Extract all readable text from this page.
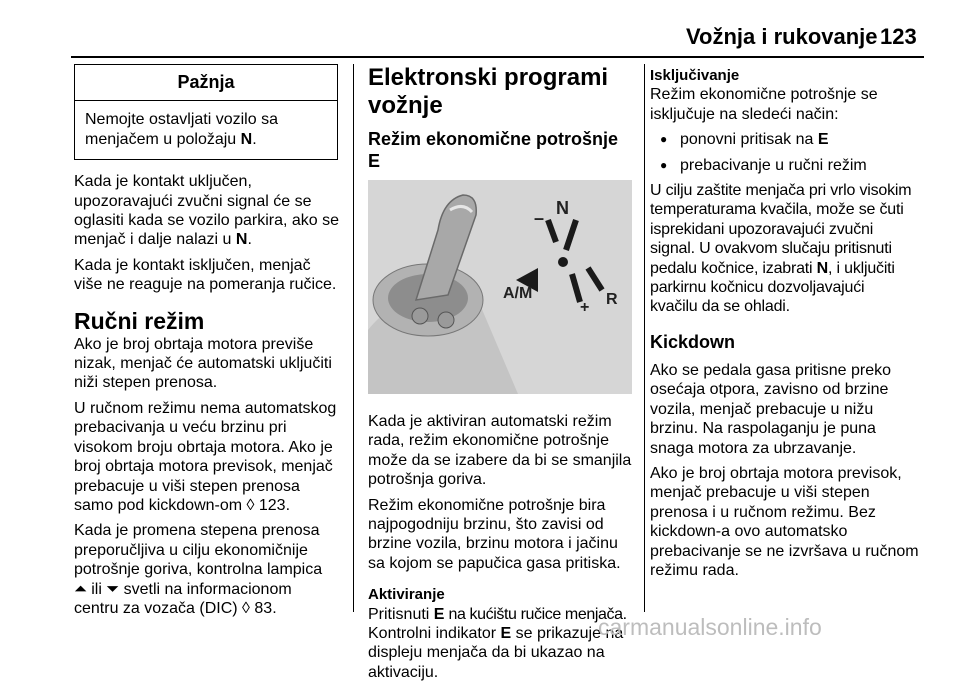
Vožnja i rukovanje 123
Pažnja
Nemojte ostavljati vozilo sa
menjačem u položaju N.

Kada je kontakt uključen,
upozoravajući zvučni signal će se
oglasiti kada se vozilo parkira, ako se
menjač i dalje nalazi u N.

Kada je kontakt isključen, menjač
više ne reaguje na pomeranja ručice.

Ručni režim

Ako je broj obrtaja motora previše
nizak, menjač će automatski uključiti
niži stepen prenosa.

U ručnom režimu nema automatskog
prebacivanja u veću brzinu pri
visokom broju obrtaja motora. Ako je
broj obrtaja motora previsok, menjač
prebacuje u viši stepen prenosa
samo pod kickdown-om ◊ 123.

Kada je promena stepena prenosa
preporučljiva u cilju ekonomičnije
potrošnje goriva, kontrolna lampica
⏶ ili ⏷ svetli na informacionom
centru za vozača (DIC) ◊ 83.

Elektronski programi vožnje
Režim ekonomične potrošnje E
N
–
A/M
+ R

Kada je aktiviran automatski režim
rada, režim ekonomične potrošnje
može da se izabere da bi se smanjila
potrošnja goriva.

Režim ekonomične potrošnje bira
najpogodniju brzinu, što zavisi od
brzine vozila, brzinu motora i jačinu
sa kojom se papučica gasa pritiska.

Aktiviranje

Pritisnuti E na kućištu ručice menjača.
Kontrolni indikator E se prikazuje na
displeju menjača da bi ukazao na
aktivaciju.

Isključivanje

Režim ekonomične potrošnje se
isključuje na sledeći način:

● ponovni pritisak na E
● prebacivanje u ručni režim

U cilju zaštite menjača pri vrlo visokim
temperaturama kvačila, može se čuti
isprekidani upozoravajući zvučni
signal. U ovakvom slučaju pritisnuti
pedalu kočnice, izabrati N, i uključiti
parkirnu kočnicu dozvoljavajući
kvačilu da se ohladi.

Kickdown

Ako se pedala gasa pritisne preko
osećaja otpora, zavisno od brzine
vozila, menjač prebacuje u nižu
brzinu. Na raspolaganju je puna
snaga motora za ubrzavanje.

Ako je broj obrtaja motora previsok,
menjač prebacuje u viši stepen
prenosa i u ručnom režimu. Bez
kickdown-a ovo automatsko
prebacivanje se ne izvršava u ručnom
režimu rada.

carmanualsonline.info
